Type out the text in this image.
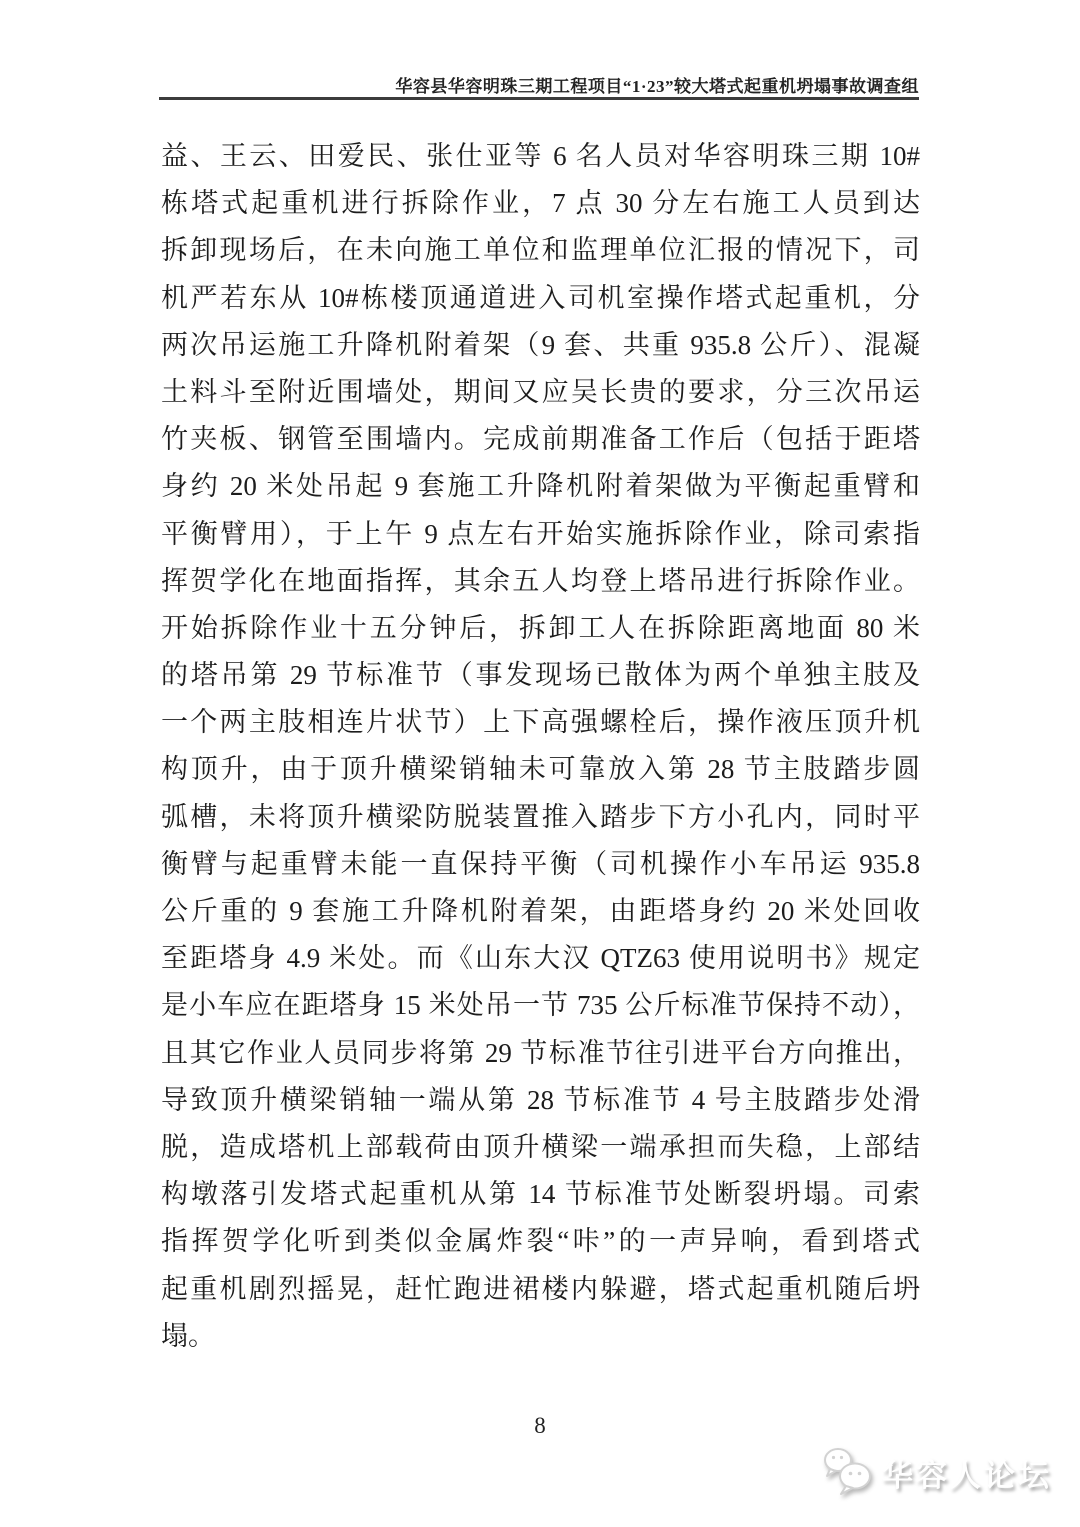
华容县华容明珠三期工程项目“1·23”较大塔式起重机坍塌事故调查组
益、王云、田爱民、张仕亚等 6 名人员对华容明珠三期 10#
栋塔式起重机进行拆除作业，7 点 30 分左右施工人员到达
拆卸现场后，在未向施工单位和监理单位汇报的情况下，司
机严若东从 10#栋楼顶通道进入司机室操作塔式起重机，分
两次吊运施工升降机附着架（9 套、共重 935.8 公斤）、混凝
土料斗至附近围墙处，期间又应吴长贵的要求，分三次吊运
竹夹板、钢管至围墙内。完成前期准备工作后（包括于距塔
身约 20 米处吊起 9 套施工升降机附着架做为平衡起重臂和
平衡臂用），于上午 9 点左右开始实施拆除作业，除司索指
挥贺学化在地面指挥，其余五人均登上塔吊进行拆除作业。
开始拆除作业十五分钟后，拆卸工人在拆除距离地面 80 米
的塔吊第 29 节标准节（事发现场已散体为两个单独主肢及
一个两主肢相连片状节）上下高强螺栓后，操作液压顶升机
构顶升，由于顶升横梁销轴未可靠放入第 28 节主肢踏步圆
弧槽，未将顶升横梁防脱装置推入踏步下方小孔内，同时平
衡臂与起重臂未能一直保持平衡（司机操作小车吊运 935.8
公斤重的 9 套施工升降机附着架，由距塔身约 20 米处回收
至距塔身 4.9 米处。而《山东大汉 QTZ63 使用说明书》规定
是小车应在距塔身 15 米处吊一节 735 公斤标准节保持不动），
且其它作业人员同步将第 29 节标准节往引进平台方向推出，
导致顶升横梁销轴一端从第 28 节标准节 4 号主肢踏步处滑
脱，造成塔机上部载荷由顶升横梁一端承担而失稳，上部结
构墩落引发塔式起重机从第 14 节标准节处断裂坍塌。司索
指挥贺学化听到类似金属炸裂“咔”的一声异响，看到塔式
起重机剧烈摇晃，赶忙跑进裙楼内躲避，塔式起重机随后坍
塌。
8
华容人论坛
